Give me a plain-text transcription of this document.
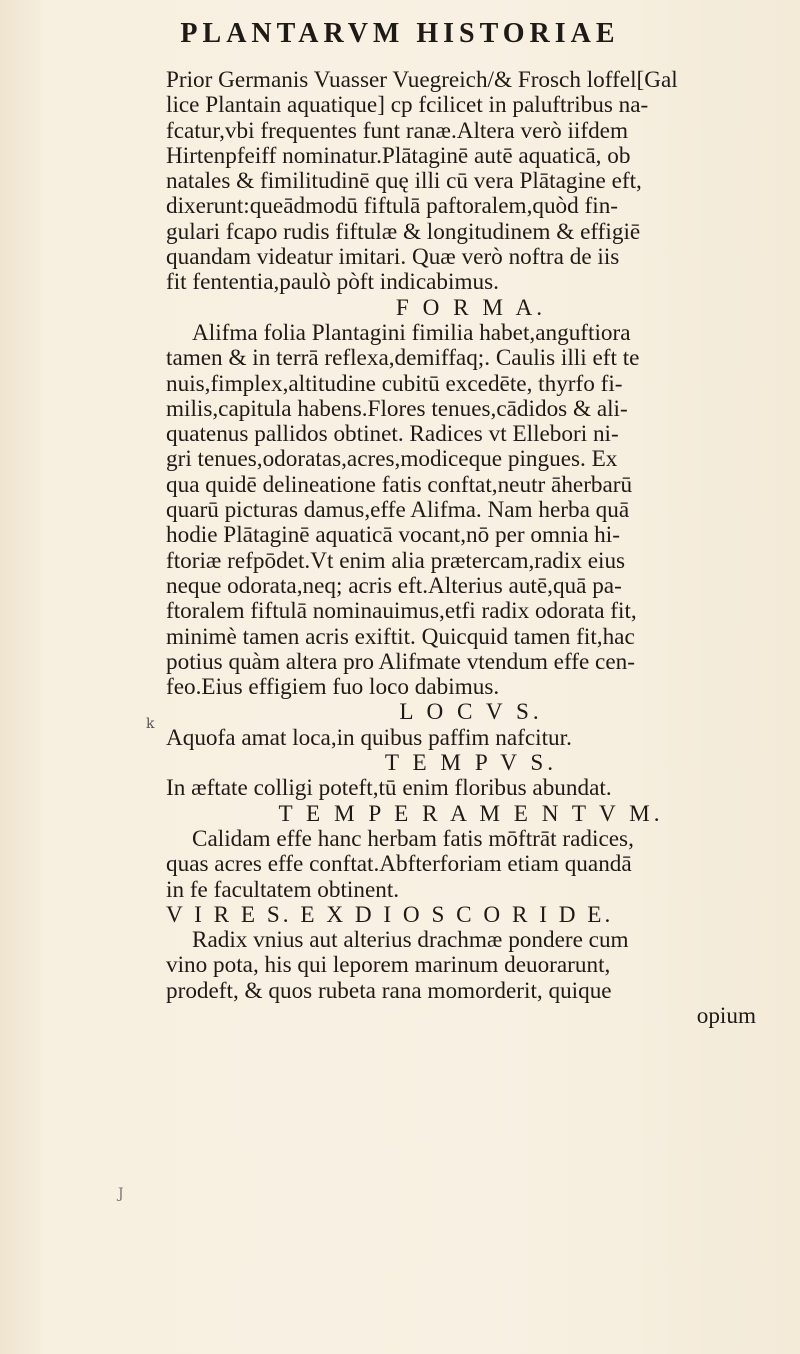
PLANTARVM HISTORIAE
Prior Germanis Vuasser Vuegreich/& Frosch loffel[Gal
lice Plantain aquatique] cp fcilicet in paluftribus na-
fcatur,vbi frequentes funt ranæ.Altera verò iifdem
Hirtenpfeiff nominatur.Plātaginē autē aquaticā, ob
natales & fimilitudinē quę illi cū vera Plātagine eft,
dixerunt:queādmodū fiftulā paftoralem,quòd fin-
gulari fcapo rudis fiftulæ & longitudinem & effigiē
quandam videatur imitari. Quæ verò noftra de iis
fit fententia,paulò pòft indicabimus.
F O R M A.
Alifma folia Plantagini fimilia habet,anguftiora
tamen & in terrā reflexa,demiffaq;. Caulis illi eft te
nuis,fimplex,altitudine cubitū excedēte, thyrfo fi-
milis,capitula habens.Flores tenues,cādidos & ali-
quatenus pallidos obtinet. Radices vt Ellebori ni-
gri tenues,odoratas,acres,modiceque pingues. Ex
qua quidē delineatione fatis conftat,neutr āherbarū
quarū picturas damus,effe Alifma. Nam herba quā
hodie Plātaginē aquaticā vocant,nō per omnia hi-
ftoriæ refpōdet.Vt enim alia prætercam,radix eius
neque odorata,neq; acris eft.Alterius autē,quā pa-
ftoralem fiftulā nominauimus,etfi radix odorata fit,
minimè tamen acris exiftit. Quicquid tamen fit,hac
potius quàm altera pro Alifmate vtendum effe cen-
feo.Eius effigiem fuo loco dabimus.
L O C V S.
Aquofa amat loca,in quibus paffim nafcitur.
T E M P V S.
In æftate colligi poteft,tū enim floribus abundat.
T E M P E R A M E N T V M.
Calidam effe hanc herbam fatis mōftrāt radices,
quas acres effe conftat.Abfterforiam etiam quandā
in fe facultatem obtinent.
V I R E S. E X D I O S C O R I D E.
Radix vnius aut alterius drachmæ pondere cum
vino pota, his qui leporem marinum deuorarunt,
prodeft, & quos rubeta rana momorderit, quique
opium
k
J
